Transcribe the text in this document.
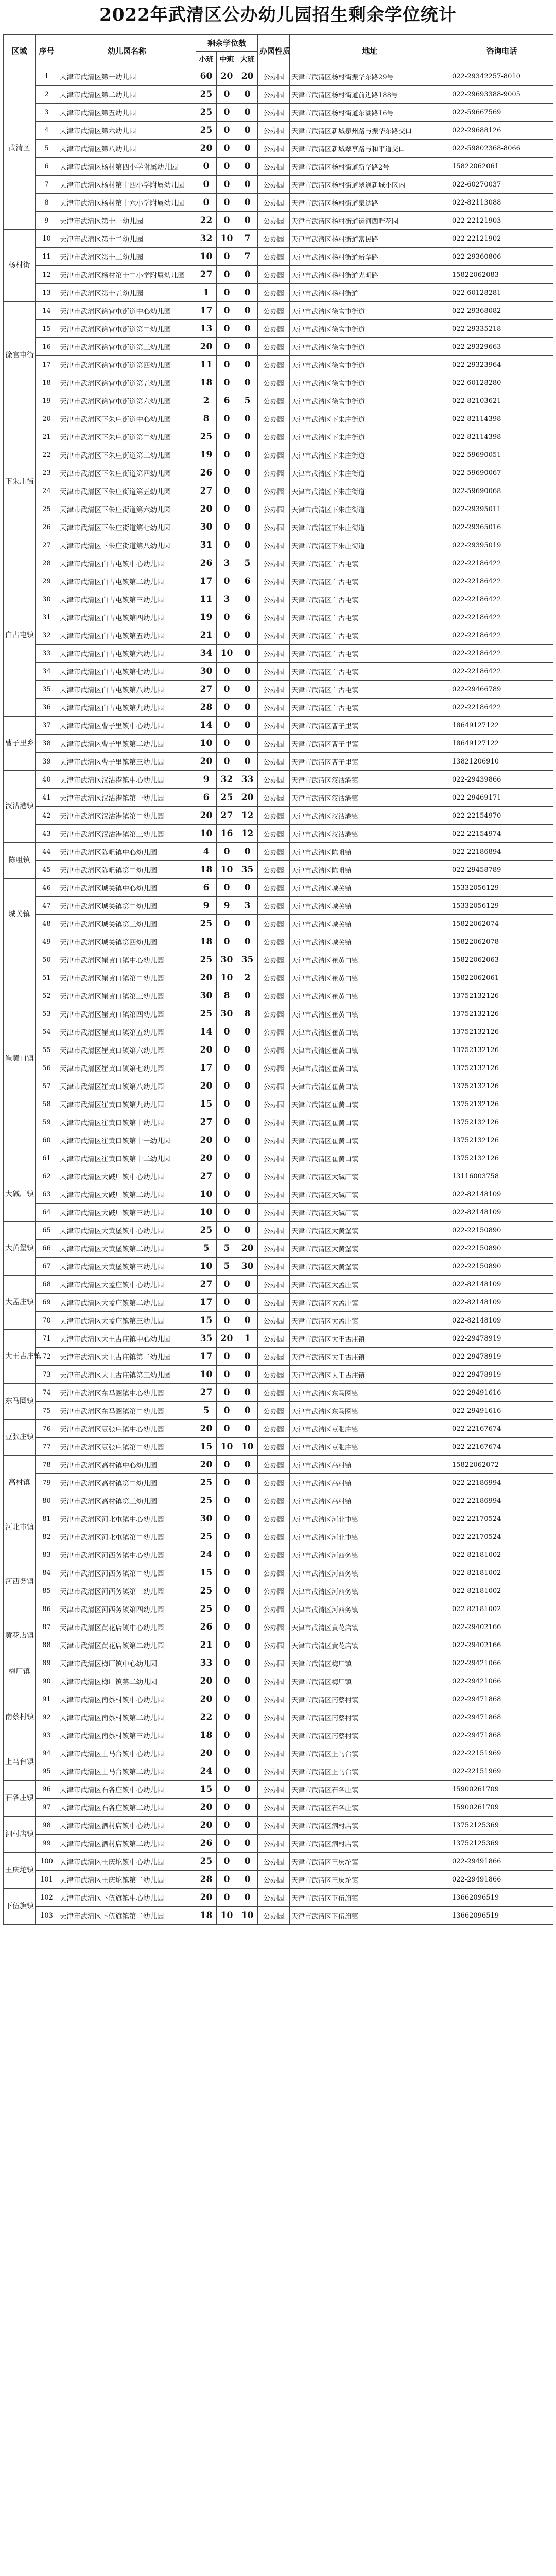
2022年武清区公办幼儿园招生剩余学位统计
区域	序号	幼儿园名称	剩余学位数			办园性质	地址	咨询电话
			小班	中班	大班			
武清区	1	天津市武清区第一幼儿园	60	20	20	公办园	天津市武清区杨村街振华东路29号	022-29342257-8010
	2	天津市武清区第二幼儿园	25	0	0	公办园	天津市武清区杨村街道前进路188号	022-29693388-9005
	3	天津市武清区第五幼儿园	25	0	0	公办园	天津市武清区杨村街道东湖路16号	022-59667569
	4	天津市武清区第六幼儿园	25	0	0	公办园	天津市武清区新城泉州路与振华东路交口	022-29688126
	5	天津市武清区第八幼儿园	20	0	0	公办园	天津市武清区新城翠亨路与和平道交口	022-59802368-8066
	6	天津市武清区杨村第四小学附属幼儿园	0	0	0	公办园	天津市武清区杨村街道新华路2号	15822062061
	7	天津市武清区杨村第十四小学附属幼儿园	0	0	0	公办园	天津市武清区杨村街道翠通新城小区内	022-60270037
	8	天津市武清区杨村第十六小学附属幼儿园	0	0	0	公办园	天津市武清区杨村街道泉达路	022-82113088
	9	天津市武清区第十一幼儿园	22	0	0	公办园	天津市武清区杨村街道运河西畔花园	022-22121903
杨村街	10	天津市武清区第十二幼儿园	32	10	7	公办园	天津市武清区杨村街道富民路	022-22121902
	11	天津市武清区第十三幼儿园	10	0	7	公办园	天津市武清区杨村街道新华路	022-29360806
	12	天津市武清区杨村第十二小学附属幼儿园	27	0	0	公办园	天津市武清区杨村街道光明路	15822062083
	13	天津市武清区第十五幼儿园	1	0	0	公办园	天津市武清区杨村街道	022-60128281
徐官屯街	14	天津市武清区徐官屯街道中心幼儿园	17	0	0	公办园	天津市武清区徐官屯街道	022-29368082
	15	天津市武清区徐官屯街道第二幼儿园	13	0	0	公办园	天津市武清区徐官屯街道	022-29335218
	16	天津市武清区徐官屯街道第三幼儿园	20	0	0	公办园	天津市武清区徐官屯街道	022-29329663
	17	天津市武清区徐官屯街道第四幼儿园	11	0	0	公办园	天津市武清区徐官屯街道	022-29323964
	18	天津市武清区徐官屯街道第五幼儿园	18	0	0	公办园	天津市武清区徐官屯街道	022-60128280
	19	天津市武清区徐官屯街道第六幼儿园	2	6	5	公办园	天津市武清区徐官屯街道	022-82103621
下朱庄街	20	天津市武清区下朱庄街道中心幼儿园	8	0	0	公办园	天津市武清区下朱庄街道	022-82114398
	21	天津市武清区下朱庄街道第二幼儿园	25	0	0	公办园	天津市武清区下朱庄街道	022-82114398
	22	天津市武清区下朱庄街道第三幼儿园	19	0	0	公办园	天津市武清区下朱庄街道	022-59690051
	23	天津市武清区下朱庄街道第四幼儿园	26	0	0	公办园	天津市武清区下朱庄街道	022-59690067
	24	天津市武清区下朱庄街道第五幼儿园	27	0	0	公办园	天津市武清区下朱庄街道	022-59690068
	25	天津市武清区下朱庄街道第六幼儿园	20	0	0	公办园	天津市武清区下朱庄街道	022-29395011
	26	天津市武清区下朱庄街道第七幼儿园	30	0	0	公办园	天津市武清区下朱庄街道	022-29365016
	27	天津市武清区下朱庄街道第八幼儿园	31	0	0	公办园	天津市武清区下朱庄街道	022-29395019
白古屯镇	28	天津市武清区白古屯镇中心幼儿园	26	3	5	公办园	天津市武清区白古屯镇	022-22186422
	29	天津市武清区白古屯镇第二幼儿园	17	0	6	公办园	天津市武清区白古屯镇	022-22186422
	30	天津市武清区白古屯镇第三幼儿园	11	3	0	公办园	天津市武清区白古屯镇	022-22186422
	31	天津市武清区白古屯镇第四幼儿园	19	0	6	公办园	天津市武清区白古屯镇	022-22186422
	32	天津市武清区白古屯镇第五幼儿园	21	0	0	公办园	天津市武清区白古屯镇	022-22186422
	33	天津市武清区白古屯镇第六幼儿园	34	10	0	公办园	天津市武清区白古屯镇	022-22186422
	34	天津市武清区白古屯镇第七幼儿园	30	0	0	公办园	天津市武清区白古屯镇	022-22186422
	35	天津市武清区白古屯镇第八幼儿园	27	0	0	公办园	天津市武清区白古屯镇	022-29466789
	36	天津市武清区白古屯镇第九幼儿园	28	0	0	公办园	天津市武清区白古屯镇	022-22186422
曹子里乡	37	天津市武清区曹子里镇中心幼儿园	14	0	0	公办园	天津市武清区曹子里镇	18649127122
	38	天津市武清区曹子里镇第二幼儿园	10	0	0	公办园	天津市武清区曹子里镇	18649127122
	39	天津市武清区曹子里镇第三幼儿园	20	0	0	公办园	天津市武清区曹子里镇	13821206910
汊沽港镇	40	天津市武清区汊沽港镇中心幼儿园	9	32	33	公办园	天津市武清区汊沽港镇	022-29439866
	41	天津市武清区汊沽港镇第一幼儿园	6	25	20	公办园	天津市武清区汊沽港镇	022-29469171
	42	天津市武清区汊沽港镇第二幼儿园	20	27	12	公办园	天津市武清区汊沽港镇	022-22154970
	43	天津市武清区汊沽港镇第三幼儿园	10	16	12	公办园	天津市武清区汊沽港镇	022-22154974
陈咀镇	44	天津市武清区陈咀镇中心幼儿园	4	0	0	公办园	天津市武清区陈咀镇	022-22186894
	45	天津市武清区陈咀镇第二幼儿园	18	10	35	公办园	天津市武清区陈咀镇	022-29458789
城关镇	46	天津市武清区城关镇中心幼儿园	6	0	0	公办园	天津市武清区城关镇	15332056129
	47	天津市武清区城关镇第二幼儿园	9	9	3	公办园	天津市武清区城关镇	15332056129
	48	天津市武清区城关镇第三幼儿园	25	0	0	公办园	天津市武清区城关镇	15822062074
	49	天津市武清区城关镇第四幼儿园	18	0	0	公办园	天津市武清区城关镇	15822062078
崔黄口镇	50	天津市武清区崔黄口镇中心幼儿园	25	30	35	公办园	天津市武清区崔黄口镇	15822062063
	51	天津市武清区崔黄口镇第二幼儿园	20	10	2	公办园	天津市武清区崔黄口镇	15822062061
	52	天津市武清区崔黄口镇第三幼儿园	30	8	0	公办园	天津市武清区崔黄口镇	13752132126
	53	天津市武清区崔黄口镇第四幼儿园	25	30	8	公办园	天津市武清区崔黄口镇	13752132126
	54	天津市武清区崔黄口镇第五幼儿园	14	0	0	公办园	天津市武清区崔黄口镇	13752132126
	55	天津市武清区崔黄口镇第六幼儿园	20	0	0	公办园	天津市武清区崔黄口镇	13752132126
	56	天津市武清区崔黄口镇第七幼儿园	17	0	0	公办园	天津市武清区崔黄口镇	13752132126
	57	天津市武清区崔黄口镇第八幼儿园	20	0	0	公办园	天津市武清区崔黄口镇	13752132126
	58	天津市武清区崔黄口镇第九幼儿园	15	0	0	公办园	天津市武清区崔黄口镇	13752132126
	59	天津市武清区崔黄口镇第十幼儿园	27	0	0	公办园	天津市武清区崔黄口镇	13752132126
	60	天津市武清区崔黄口镇第十一幼儿园	20	0	0	公办园	天津市武清区崔黄口镇	13752132126
	61	天津市武清区崔黄口镇第十二幼儿园	20	0	0	公办园	天津市武清区崔黄口镇	13752132126
大碱厂镇	62	天津市武清区大碱厂镇中心幼儿园	27	0	0	公办园	天津市武清区大碱厂镇	13116003758
	63	天津市武清区大碱厂镇第二幼儿园	10	0	0	公办园	天津市武清区大碱厂镇	022-82148109
	64	天津市武清区大碱厂镇第三幼儿园	10	0	0	公办园	天津市武清区大碱厂镇	022-82148109
大黄堡镇	65	天津市武清区大黄堡镇中心幼儿园	25	0	0	公办园	天津市武清区大黄堡镇	022-22150890
	66	天津市武清区大黄堡镇第二幼儿园	5	5	20	公办园	天津市武清区大黄堡镇	022-22150890
	67	天津市武清区大黄堡镇第三幼儿园	10	5	30	公办园	天津市武清区大黄堡镇	022-22150890
大孟庄镇	68	天津市武清区大孟庄镇中心幼儿园	27	0	0	公办园	天津市武清区大孟庄镇	022-82148109
	69	天津市武清区大孟庄镇第二幼儿园	17	0	0	公办园	天津市武清区大孟庄镇	022-82148109
	70	天津市武清区大孟庄镇第三幼儿园	15	0	0	公办园	天津市武清区大孟庄镇	022-82148109
大王古庄镇	71	天津市武清区大王古庄镇中心幼儿园	35	20	1	公办园	天津市武清区大王古庄镇	022-29478919
	72	天津市武清区大王古庄镇第二幼儿园	17	0	0	公办园	天津市武清区大王古庄镇	022-29478919
	73	天津市武清区大王古庄镇第三幼儿园	10	0	0	公办园	天津市武清区大王古庄镇	022-29478919
东马圈镇	74	天津市武清区东马圈镇中心幼儿园	27	0	0	公办园	天津市武清区东马圈镇	022-29491616
	75	天津市武清区东马圈镇第二幼儿园	5	0	0	公办园	天津市武清区东马圈镇	022-29491616
豆张庄镇	76	天津市武清区豆张庄镇中心幼儿园	20	0	0	公办园	天津市武清区豆张庄镇	022-22167674
	77	天津市武清区豆张庄镇第二幼儿园	15	10	10	公办园	天津市武清区豆张庄镇	022-22167674
高村镇	78	天津市武清区高村镇中心幼儿园	20	0	0	公办园	天津市武清区高村镇	15822062072
	79	天津市武清区高村镇第二幼儿园	25	0	0	公办园	天津市武清区高村镇	022-22186994
	80	天津市武清区高村镇第三幼儿园	25	0	0	公办园	天津市武清区高村镇	022-22186994
河北屯镇	81	天津市武清区河北屯镇中心幼儿园	30	0	0	公办园	天津市武清区河北屯镇	022-22170524
	82	天津市武清区河北屯镇第二幼儿园	25	0	0	公办园	天津市武清区河北屯镇	022-22170524
河西务镇	83	天津市武清区河西务镇中心幼儿园	24	0	0	公办园	天津市武清区河西务镇	022-82181002
	84	天津市武清区河西务镇第二幼儿园	15	0	0	公办园	天津市武清区河西务镇	022-82181002
	85	天津市武清区河西务镇第三幼儿园	25	0	0	公办园	天津市武清区河西务镇	022-82181002
	86	天津市武清区河西务镇第四幼儿园	25	0	0	公办园	天津市武清区河西务镇	022-82181002
黄花店镇	87	天津市武清区黄花店镇中心幼儿园	26	0	0	公办园	天津市武清区黄花店镇	022-29402166
	88	天津市武清区黄花店镇第二幼儿园	21	0	0	公办园	天津市武清区黄花店镇	022-29402166
梅厂镇	89	天津市武清区梅厂镇中心幼儿园	33	0	0	公办园	天津市武清区梅厂镇	022-29421066
	90	天津市武清区梅厂镇第二幼儿园	20	0	0	公办园	天津市武清区梅厂镇	022-29421066
南蔡村镇	91	天津市武清区南蔡村镇中心幼儿园	20	0	0	公办园	天津市武清区南蔡村镇	022-29471868
	92	天津市武清区南蔡村镇第二幼儿园	22	0	0	公办园	天津市武清区南蔡村镇	022-29471868
	93	天津市武清区南蔡村镇第三幼儿园	18	0	0	公办园	天津市武清区南蔡村镇	022-29471868
上马台镇	94	天津市武清区上马台镇中心幼儿园	20	0	0	公办园	天津市武清区上马台镇	022-22151969
	95	天津市武清区上马台镇第二幼儿园	24	0	0	公办园	天津市武清区上马台镇	022-22151969
石各庄镇	96	天津市武清区石各庄镇中心幼儿园	15	0	0	公办园	天津市武清区石各庄镇	15900261709
	97	天津市武清区石各庄镇第二幼儿园	20	0	0	公办园	天津市武清区石各庄镇	15900261709
泗村店镇	98	天津市武清区泗村店镇中心幼儿园	20	0	0	公办园	天津市武清区泗村店镇	13752125369
	99	天津市武清区泗村店镇第二幼儿园	26	0	0	公办园	天津市武清区泗村店镇	13752125369
王庆坨镇	100	天津市武清区王庆坨镇中心幼儿园	25	0	0	公办园	天津市武清区王庆坨镇	022-29491866
	101	天津市武清区王庆坨镇第二幼儿园	28	0	0	公办园	天津市武清区王庆坨镇	022-29491866
下伍旗镇	102	天津市武清区下伍旗镇中心幼儿园	20	0	0	公办园	天津市武清区下伍旗镇	13662096519
	103	天津市武清区下伍旗镇第二幼儿园	18	10	10	公办园	天津市武清区下伍旗镇	13662096519
